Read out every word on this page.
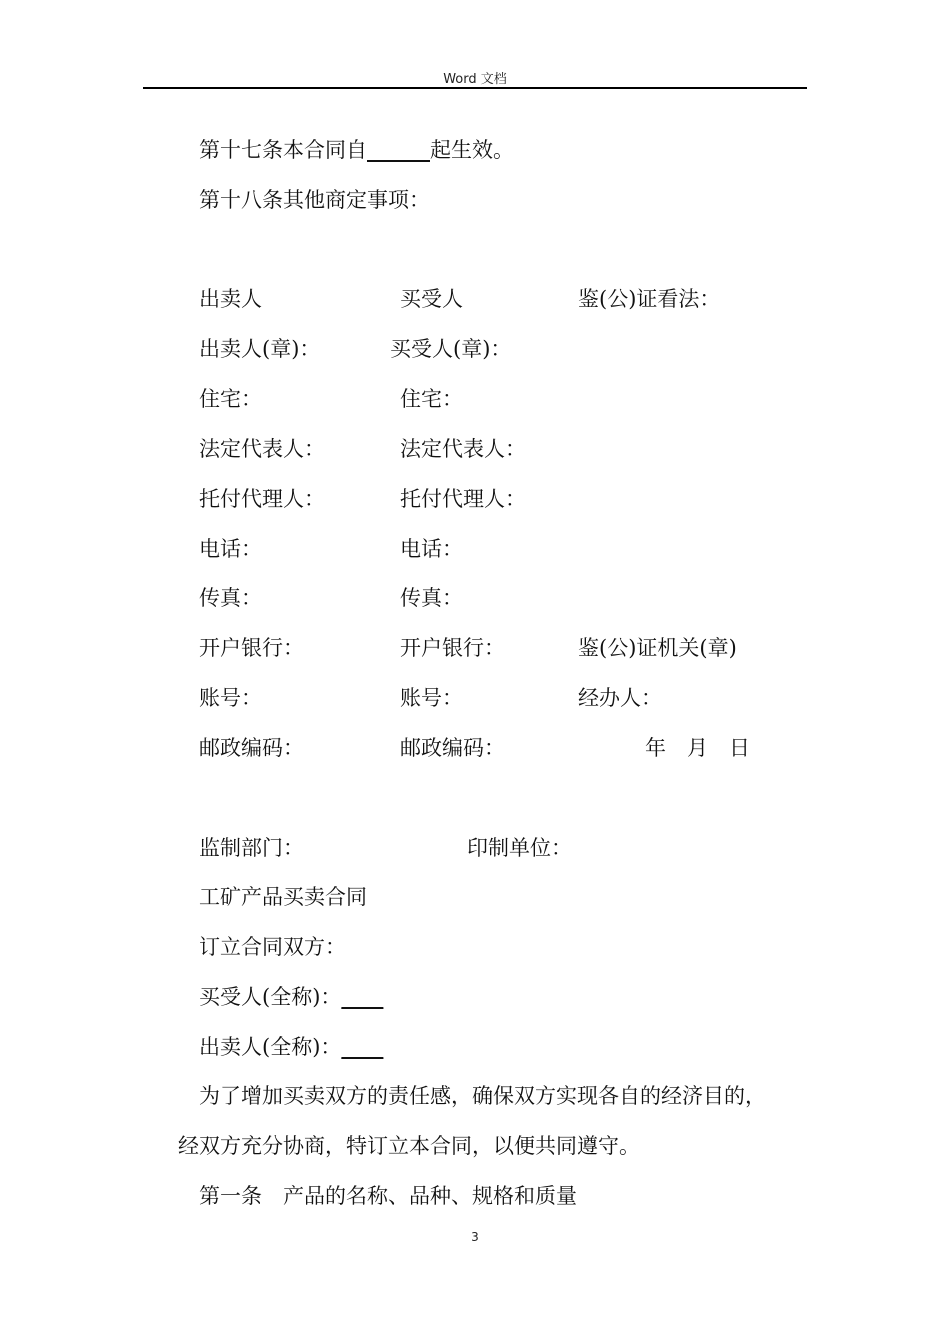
Word 文档
第十七条本合同自______起生效。
第十八条其他商定事项：
出卖人	买受人	鉴(公)证看法：
出卖人(章)：	买受人(章)：
住宅：	住宅：
法定代表人：	法定代表人：
托付代理人：	托付代理人：
电话：	电话：
传真：	传真：
开户银行：	开户银行：	鉴(公)证机关(章)
账号：	账号：	经办人：
邮政编码：	邮政编码：	年　月　日
监制部门：	印制单位：
工矿产品买卖合同
订立合同双方：
买受人(全称)：____
出卖人(全称)：____
为了增加买卖双方的责任感，确保双方实现各自的经济目的，
经双方充分协商，特订立本合同，以便共同遵守。
第一条　产品的名称、品种、规格和质量
3
